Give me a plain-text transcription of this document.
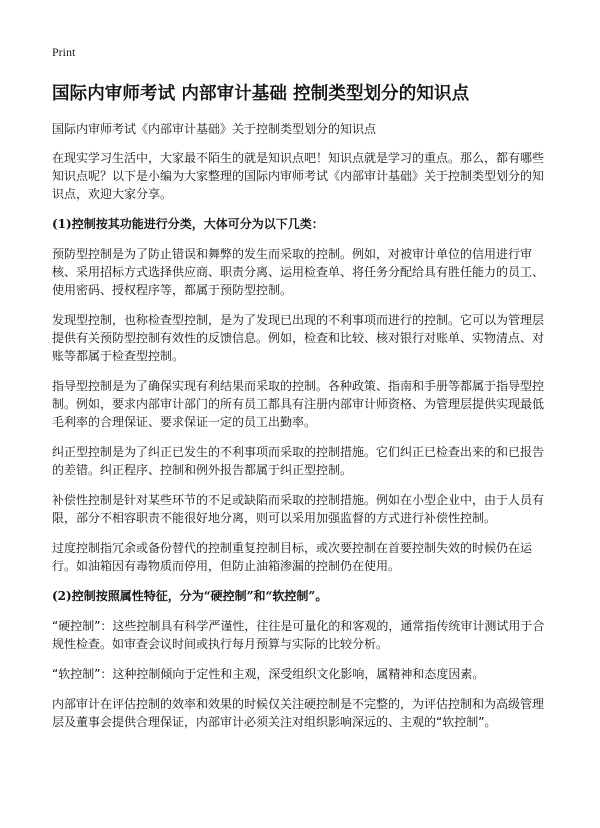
Print
国际内审师考试 内部审计基础 控制类型划分的知识点

国际内审师考试《内部审计基础》关于控制类型划分的知识点

在现实学习生活中，大家最不陌生的就是知识点吧！知识点就是学习的重点。那么，都有哪些知识点呢？以下是小编为大家整理的国际内审师考试《内部审计基础》关于控制类型划分的知识点，欢迎大家分享。

(1)控制按其功能进行分类，大体可分为以下几类：

预防型控制是为了防止错误和舞弊的发生而采取的控制。例如，对被审计单位的信用进行审核、采用招标方式选择供应商、职责分离、运用检查单、将任务分配给具有胜任能力的员工、使用密码、授权程序等，都属于预防型控制。

发现型控制，也称检查型控制，是为了发现已出现的不利事项而进行的控制。它可以为管理层提供有关预防型控制有效性的反馈信息。例如，检查和比较、核对银行对账单、实物清点、对账等都属于检查型控制。

指导型控制是为了确保实现有利结果而采取的控制。各种政策、指南和手册等都属于指导型控制。例如，要求内部审计部门的所有员工都具有注册内部审计师资格、为管理层提供实现最低毛利率的合理保证、要求保证一定的员工出勤率。

纠正型控制是为了纠正已发生的不利事项而采取的控制措施。它们纠正已检查出来的和已报告的差错。纠正程序、控制和例外报告都属于纠正型控制。

补偿性控制是针对某些环节的不足或缺陷而采取的控制措施。例如在小型企业中，由于人员有限，部分不相容职责不能很好地分离，则可以采用加强监督的方式进行补偿性控制。

过度控制指冗余或备份替代的控制重复控制目标，或次要控制在首要控制失效的时候仍在运行。如油箱因有毒物质而停用，但防止油箱渗漏的控制仍在使用。

(2)控制按照属性特征，分为“硬控制”和“软控制”。

“硬控制”：这些控制具有科学严谨性，往往是可量化的和客观的，通常指传统审计测试用于合规性检查。如审查会议时间或执行每月预算与实际的比较分析。

“软控制”：这种控制倾向于定性和主观，深受组织文化影响，属精神和态度因素。

内部审计在评估控制的效率和效果的时候仅关注硬控制是不完整的，为评估控制和为高级管理层及董事会提供合理保证，内部审计必须关注对组织影响深远的、主观的“软控制”。
